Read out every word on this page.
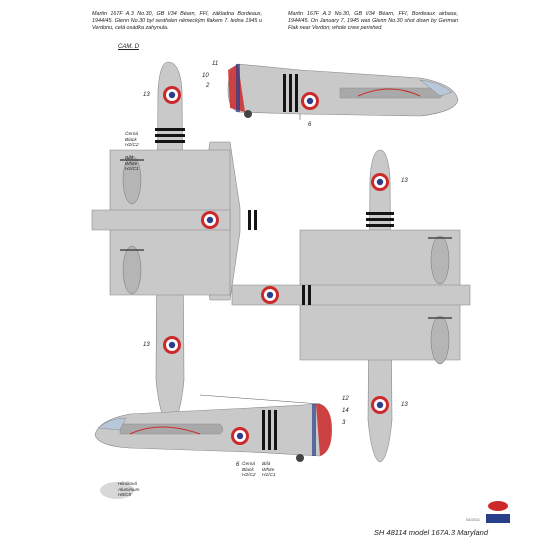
Martin 167F A.3 No.30, GB I/34 Béarn, FFI, základna Bordeaux, 1944/45. Glenn No.30 byl sestřelen německým flakem 7. ledna 1945 u Verdonu, celá osádka zahynula.
Martin 167F A.3 No.30, GB I/34 Béarn, FFI, Bordeaux airbase, 1944/45. On January 7, 1945 was Glenn No.30 shot down by German Flak near Verdon; whole crew perished.
CAM. D
Černá
Black
H2/C2
Bílá
White
H1/C1
Černá
Black
H2/C2
Bílá
White
H1/C1
11
10
2
6
13
13
13
13
12
14
3
6
Hliníková
Aluminium
H8/C8
03/2011
SH 48114 model 167A.3 Maryland
